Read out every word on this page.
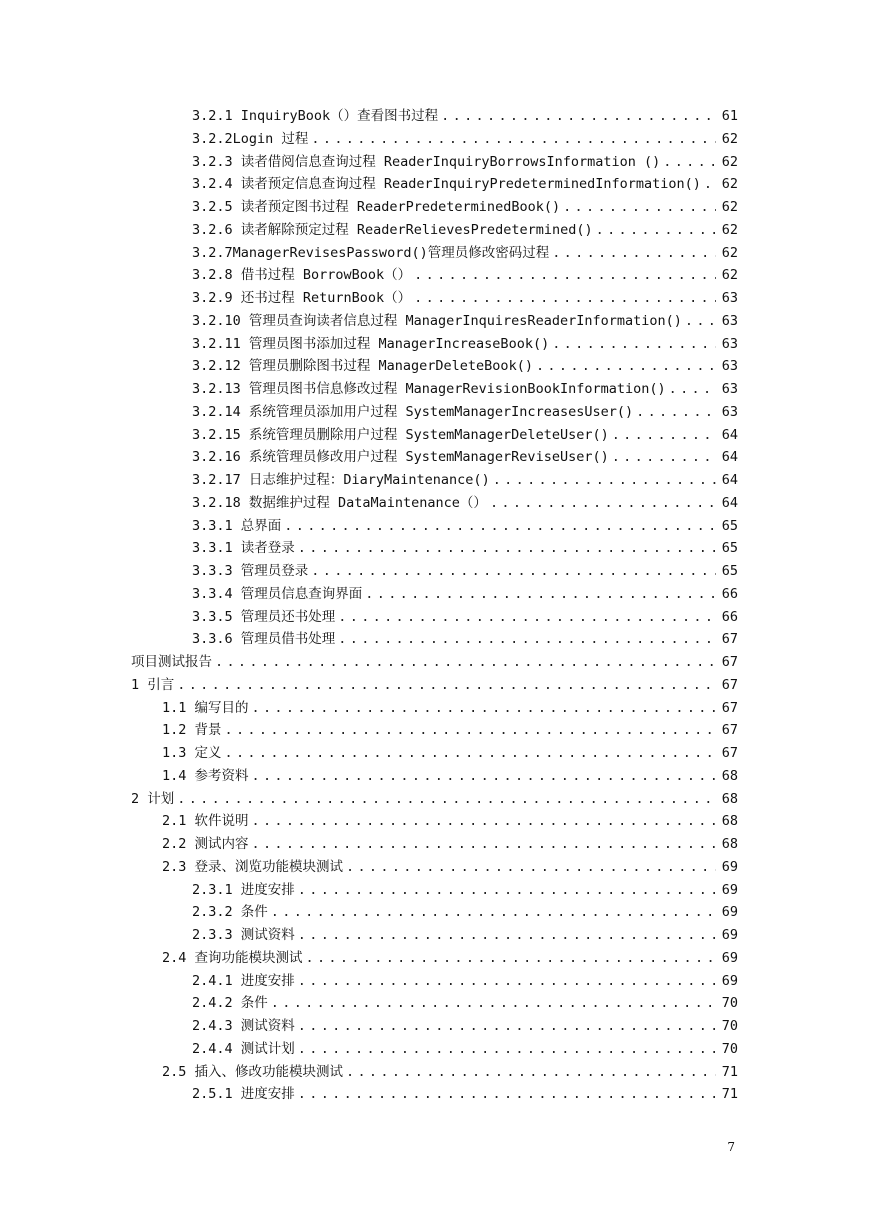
3.2.1 InquiryBook（）查看图书过程 . . .	61
3.2.2Login 过程 . . .	62
3.2.3 读者借阅信息查询过程 ReaderInquiryBorrowsInformation () . . .	62
3.2.4 读者预定信息查询过程 ReaderInquiryPredeterminedInformation() . . .	62
3.2.5 读者预定图书过程 ReaderPredeterminedBook() . . .	62
3.2.6 读者解除预定过程 ReaderRelievesPredetermined() . . .	62
3.2.7ManagerRevisesPassword()管理员修改密码过程 . . .	62
3.2.8 借书过程 BorrowBook（） . . .	62
3.2.9 还书过程 ReturnBook（） . . .	63
3.2.10 管理员查询读者信息过程 ManagerInquiresReaderInformation() . . .	63
3.2.11 管理员图书添加过程 ManagerIncreaseBook() . . .	63
3.2.12 管理员删除图书过程 ManagerDeleteBook() . . .	63
3.2.13 管理员图书信息修改过程 ManagerRevisionBookInformation() . . .	63
3.2.14 系统管理员添加用户过程 SystemManagerIncreasesUser() . . .	63
3.2.15 系统管理员删除用户过程 SystemManagerDeleteUser() . . .	64
3.2.16 系统管理员修改用户过程 SystemManagerReviseUser() . . .	64
3.2.17 日志维护过程：DiaryMaintenance() . . .	64
3.2.18 数据维护过程 DataMaintenance（） . . .	64
3.3.1 总界面 . . .	65
3.3.1 读者登录 . . .	65
3.3.3 管理员登录 . . .	65
3.3.4 管理员信息查询界面 . . .	66
3.3.5 管理员还书处理 . . .	66
3.3.6 管理员借书处理 . . .	67
项目测试报告 . . .	67
1 引言 . . .	67
1.1 编写目的 . . .	67
1.2 背景 . . .	67
1.3 定义 . . .	67
1.4 参考资料 . . .	68
2 计划 . . .	68
2.1 软件说明 . . .	68
2.2 测试内容 . . .	68
2.3 登录、浏览功能模块测试 . . .	69
2.3.1 进度安排 . . .	69
2.3.2 条件 . . .	69
2.3.3 测试资料 . . .	69
2.4 查询功能模块测试 . . .	69
2.4.1 进度安排 . . .	69
2.4.2 条件 . . .	70
2.4.3 测试资料 . . .	70
2.4.4 测试计划 . . .	70
2.5 插入、修改功能模块测试 . . .	71
2.5.1 进度安排 . . .	71
7
